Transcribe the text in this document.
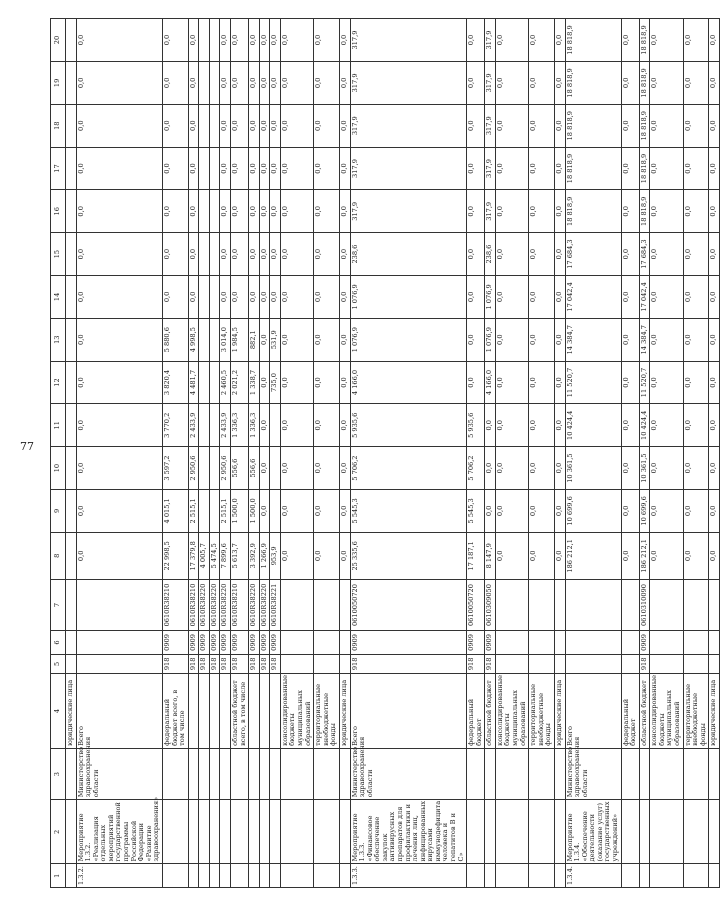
77
1	2	3	4	5	6	7	8	9	10	11	12	13	14	15	16	17	18	19	20
			юридические лица																
1.3.2.	Мероприятие 1.3.2. «Реализация отдельных мероприятий государственной программы Российской Федерации «Развитие здравоохранения»	Министерство здравоохранения области	Всего				0,0	0,0	0,0	0,0	0,0	0,0	0,0	0,0	0,0	0,0	0,0	0,0	0,0
			федеральный бюджет всего, в том числе	918	0909	0610R38210	22 998,5	4 015,1	3 597,2	3 770,2	3 820,4	5 880,6	0,0	0,0	0,0	0,0	0,0	0,0	0,0
				918	0909	0610R38210	17 379,8	2 515,1	2 950,6	2 433,9	4 481,7	4 998,5	0,0	0,0	0,0	0,0	0,0	0,0	0,0
				918	0909	0610R38220	4 005,7												
				918	0909	0610R38220	5 474,5												
				918	0909	0610R38220	7 899,6	2 515,1	2 950,6	2 433,9	2 460,5	3 014,0	0,0	0,0	0,0	0,0	0,0	0,0	0,0
			областной бюджет всего, в том числе	918	0909	0610R38210	5 613,7	1 500,0	556,6	1 336,3	2 021,2	1 984,5	0,0	0,0	0,0	0,0	0,0	0,0	0,0
				918	0909	0610R38220	3 392,9	1 500,0	556,6	1 336,3	1 338,7	882,1	0,0	0,0	0,0	0,0	0,0	0,0	0,0
				918	0909	0610R38220	1 266,9	0,0	0,0	0,0	0,0	0,0	0,0	0,0	0,0	0,0	0,0	0,0	0,0
				918	0909	0610R38221	953,9				735,0	531,9	0,0	0,0	0,0	0,0	0,0	0,0	0,0
			консолидированные бюджеты муниципальных образований				0,0	0,0	0,0	0,0	0,0	0,0	0,0	0,0	0,0	0,0	0,0	0,0	0,0
			территориальные внебюджетные фонды				0,0	0,0	0,0	0,0	0,0	0,0	0,0	0,0	0,0	0,0	0,0	0,0	0,0
			юридические лица				0,0	0,0	0,0	0,0	0,0	0,0	0,0	0,0	0,0	0,0	0,0	0,0	0,0
1.3.3.	Мероприятие 1.3.3. «Финансовое обеспечение закупок антивирусных препаратов для профилактики и лечения лиц, инфицированных вирусами иммунодефицита человека и гепатитов В и С»	Министерство здравоохранения области	Всего	918	0909	0610050720	25 335,6	5 545,3	5 706,2	5 935,6	4 166,0	1 076,9	1 076,9	238,6	317,9	317,9	317,9	317,9	317,9
			федеральный бюджет	918	0909	0610050720	17 187,1	5 545,3	5 706,2	5 935,6	0,0	0,0	0,0	0,0	0,0	0,0	0,0	0,0	0,0
			областной бюджет	918	0909	0610309050	8 147,9	0,0	0,0	0,0	4 166,0	1 076,9	1 076,9	238,6	317,9	317,9	317,9	317,9	317,9
			консолидированные бюджеты муниципальных образований				0,0	0,0	0,0	0,0	0,0	0,0	0,0	0,0	0,0	0,0	0,0	0,0	0,0
			территориальные внебюджетные фонды				0,0	0,0	0,0	0,0	0,0	0,0	0,0	0,0	0,0	0,0	0,0	0,0	0,0
			юридические лица				0,0	0,0	0,0	0,0	0,0	0,0	0,0	0,0	0,0	0,0	0,0	0,0	0,0
1.3.4.	Мероприятие 1.3.4. «Обеспечение деятельности (оказание услуг) государственных учреждений»	Министерство здравоохранения области	Всего				186 212,1	10 699,6	10 361,5	10 424,4	11 520,7	14 384,7	17 042,4	17 684,3	18 818,9	18 818,9	18 818,9	18 818,9	18 818,9
			федеральный бюджет				0,0	0,0	0,0	0,0	0,0	0,0	0,0	0,0	0,0	0,0	0,0	0,0	0,0
			областной бюджет	918	0909	0610310090	186 212,1	10 699,6	10 361,5	10 424,4	11 520,7	14 384,7	17 042,4	17 684,3	18 818,9	18 818,9	18 818,9	18 818,9	18 818,9
			консолидированные бюджеты муниципальных образований				0,0	0,0	0,0	0,0	0,0	0,0	0,0	0,0	0,0	0,0	0,0	0,0	0,0
			территориальные внебюджетные фонды				0,0	0,0	0,0	0,0	0,0	0,0	0,0	0,0	0,0	0,0	0,0	0,0	0,0
			юридические лица				0,0	0,0	0,0	0,0	0,0	0,0	0,0	0,0	0,0	0,0	0,0	0,0	0,0
